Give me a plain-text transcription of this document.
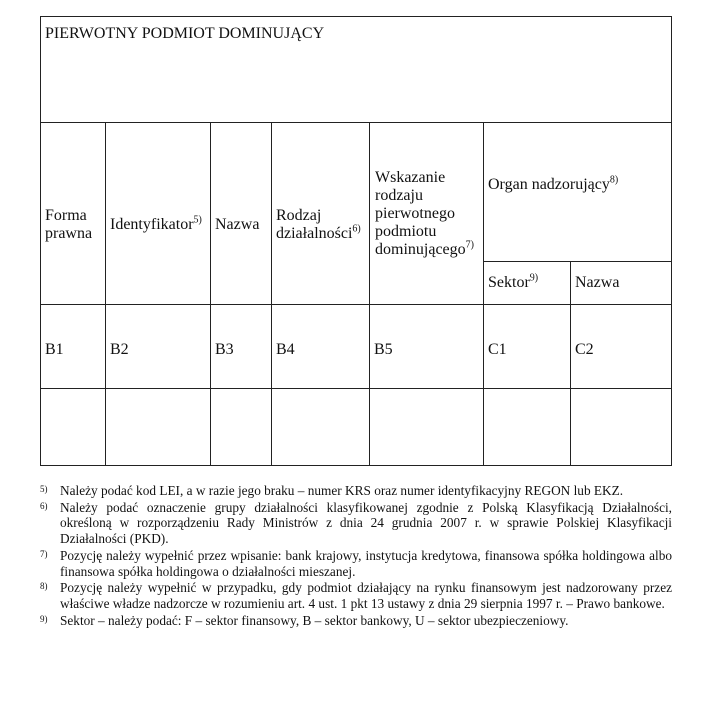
PIERWOTNY PODMIOT DOMINUJĄCY						
Forma prawna	Identyfikator$^{5)}$	Nazwa	Rodzaj działalności$^{6)}$	Wskazanie rodzaju pierwotnego podmiotu dominującego$^{7)}$	Organ nadzorujący$^{8)}$
					Sektor$^{9)}$	Nazwa
B1	B2	B3	B4	B5	C1	C2

5) Należy podać kod LEI, a w razie jego braku – numer KRS oraz numer identyfikacyjny REGON lub EKZ.
6) Należy podać oznaczenie grupy działalności klasyfikowanej zgodnie z Polską Klasyfikacją Działalności, określoną w rozporządzeniu Rady Ministrów z dnia 24 grudnia 2007 r. w sprawie Polskiej Klasyfikacji Działalności (PKD).
7) Pozycję należy wypełnić przez wpisanie: bank krajowy, instytucja kredytowa, finansowa spółka holdingowa albo finansowa spółka holdingowa o działalności mieszanej.
8) Pozycję należy wypełnić w przypadku, gdy podmiot działający na rynku finansowym jest nadzorowany przez właściwe władze nadzorcze w rozumieniu art. 4 ust. 1 pkt 13 ustawy z dnia 29 sierpnia 1997 r. – Prawo bankowe.
9) Sektor – należy podać: F – sektor finansowy, B – sektor bankowy, U – sektor ubezpieczeniowy.
